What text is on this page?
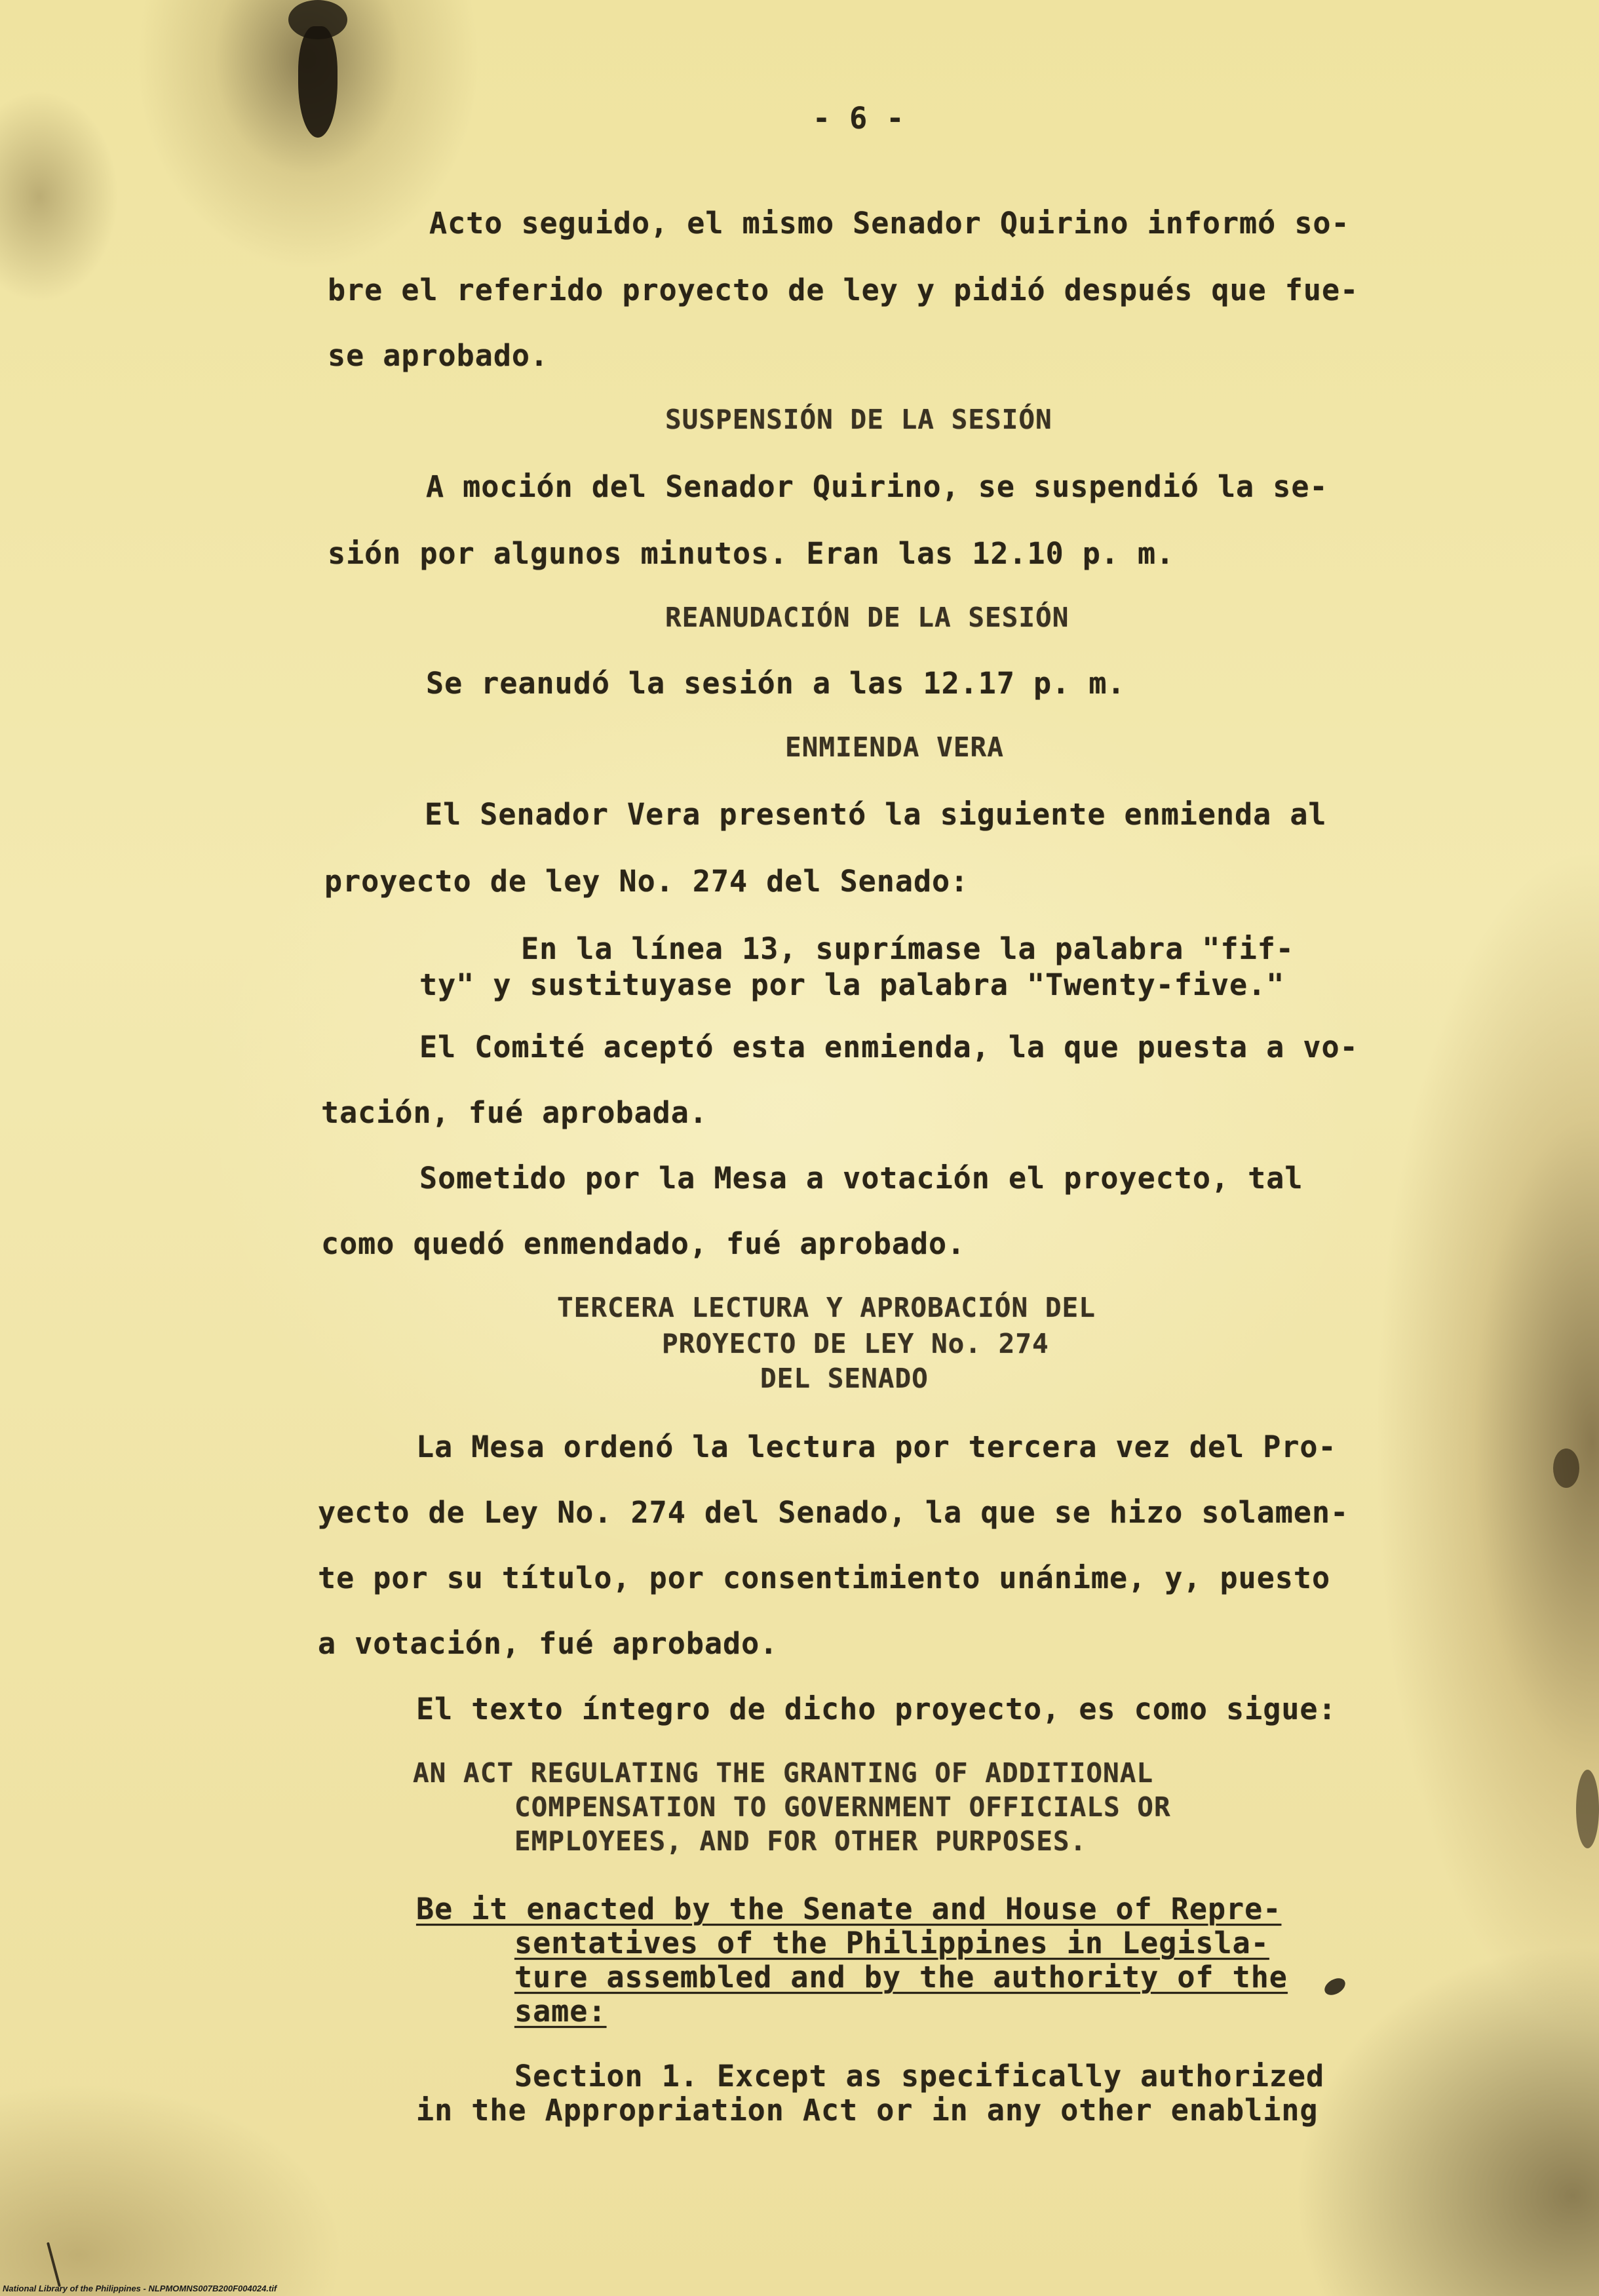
- 6 -
Acto seguido, el mismo Senador Quirino informó so-
bre el referido proyecto de ley y pidió después que fue-
se aprobado.
SUSPENSIÓN DE LA SESIÓN
A moción del Senador Quirino, se suspendió la se-
sión por algunos minutos. Eran las 12.10 p. m.
REANUDACIÓN DE LA SESIÓN
Se reanudó la sesión a las 12.17 p. m.
ENMIENDA VERA
El Senador Vera presentó la siguiente enmienda al
proyecto de ley No. 274 del Senado:
En la línea 13, suprímase la palabra "fif-
ty" y sustituyase por la palabra "Twenty-five."
El Comité aceptó esta enmienda, la que puesta a vo-
tación, fué aprobada.
Sometido por la Mesa a votación el proyecto, tal
como quedó enmendado, fué aprobado.
TERCERA LECTURA Y APROBACIÓN DEL
PROYECTO DE LEY No. 274
DEL SENADO
La Mesa ordenó la lectura por tercera vez del Pro-
yecto de Ley No. 274 del Senado, la que se hizo solamen-
te por su título, por consentimiento unánime, y, puesto
a votación, fué aprobado.
El texto íntegro de dicho proyecto, es como sigue:
AN ACT REGULATING THE GRANTING OF ADDITIONAL
COMPENSATION TO GOVERNMENT OFFICIALS OR
EMPLOYEES, AND FOR OTHER PURPOSES.
Be it enacted by the Senate and House of Repre-
sentatives of the Philippines in Legisla-
ture assembled and by the authority of the
same:
Section 1. Except as specifically authorized
in the Appropriation Act or in any other enabling
National Library of the Philippines - NLPMOMNS007B200F004024.tif
